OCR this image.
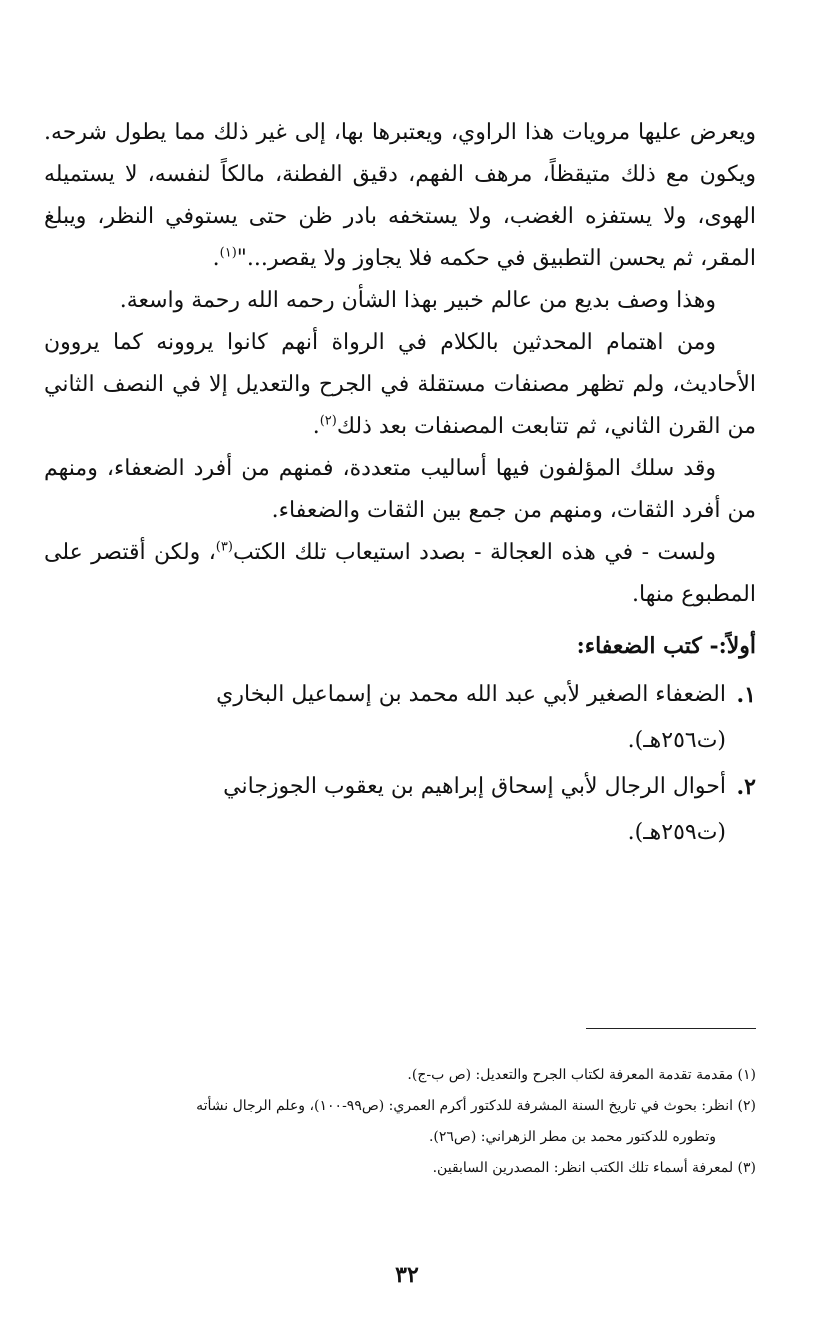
ويعرض عليها مرويات هذا الراوي، ويعتبرها بها، إلى غير ذلك مما يطول شرحه. ويكون مع ذلك متيقظاً، مرهف الفهم، دقيق الفطنة، مالكاً لنفسه، لا يستميله الهوى، ولا يستفزه الغضب، ولا يستخفه بادر ظن حتى يستوفي النظر، ويبلغ المقر، ثم يحسن التطبيق في حكمه فلا يجاوز ولا يقصر..."$^{(١)}$.

وهذا وصف بديع من عالم خبير بهذا الشأن رحمه الله رحمة واسعة.

ومن اهتمام المحدثين بالكلام في الرواة أنهم كانوا يروونه كما يروون الأحاديث، ولم تظهر مصنفات مستقلة في الجرح والتعديل إلا في النصف الثاني من القرن الثاني، ثم تتابعت المصنفات بعد ذلك$^{(٢)}$.

وقد سلك المؤلفون فيها أساليب متعددة، فمنهم من أفرد الضعفاء، ومنهم من أفرد الثقات، ومنهم من جمع بين الثقات والضعفاء.

ولست - في هذه العجالة - بصدد استيعاب تلك الكتب$^{(٣)}$، ولكن أقتصر على المطبوع منها.

أولاً:- كتب الضعفاء:
١.
الضعفاء الصغير لأبي عبد الله محمد بن إسماعيل البخاري
(ت٢٥٦هـ).
٢.
أحوال الرجال لأبي إسحاق إبراهيم بن يعقوب الجوزجاني
(ت٢٥٩هـ).

(١) مقدمة تقدمة المعرفة لكتاب الجرح والتعديل: (ص ب-ج).

(٢) انظر: بحوث في تاريخ السنة المشرفة للدكتور أكرم العمري: (ص٩٩-١٠٠)، وعلم الرجال نشأته

وتطوره للدكتور محمد بن مطر الزهراني: (ص٢٦).

(٣) لمعرفة أسماء تلك الكتب انظر: المصدرين السابقين.

٣٢
